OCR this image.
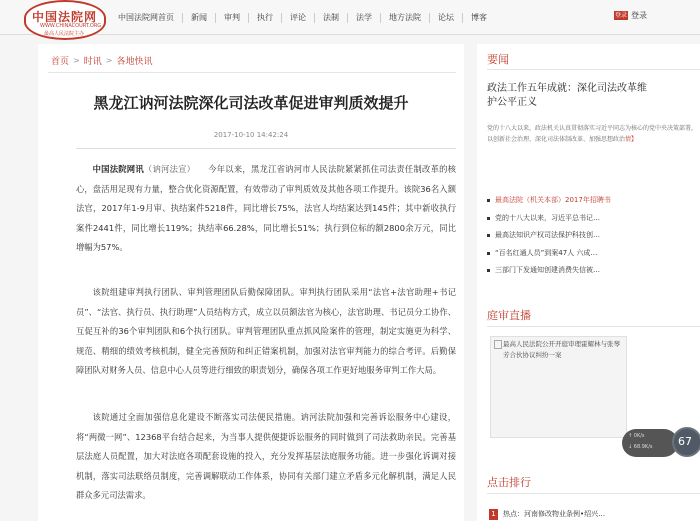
中国法院网
WWW.CHINACOURT.ORG
最高人民法院主办
中国法院网首页	新闻	审判	执行	评论	法制	法学	地方法院	论坛	博客	登录 登录
首页 > 时讯 > 各地快讯
黑龙江讷河法院深化司法改革促进审判质效提升
2017-10-10 14:42:24

中国法院网讯（讷河法宣）　　 今年以来，黑龙江省讷河市人民法院紧紧抓住司法责任制改革的核心，盘活用足现有力量，整合优化资源配置，有效带动了审判质效及其他各项工作提升。该院36名入额法官，2017年1-9月审、执结案件5218件，同比增长75%，法官人均结案达到145件；其中新收执行案件2441件，同比增长119%；执结率66.28%，同比增长51%；执行到位标的额2800余万元，同比增幅为57%。

该院组建审判执行团队、审判管理团队后勤保障团队。审判执行团队采用“法官+法官助理+书记员”、“法官、执行员、执行助理”人员结构方式，成立以员额法官为核心，法官助理、书记员分工协作、互促互补的36个审判团队和6个执行团队。审判管理团队重点抓风险案件的管理，制定实施更为科学、规范、精细的绩效考核机制，健全完善预防和纠正错案机制，加强对法官审判能力的综合考评。后勤保障团队对财务人员、信息中心人员等进行细致的职责划分，确保各项工作更好地服务审判工作大局。

该院通过全面加强信息化建设不断落实司法便民措施。讷河法院加强和完善诉讼服务中心建设，将“两微一网”、12368平台结合起来，为当事人提供便捷诉讼服务的同时做到了司法救助亲民。完善基层法庭人员配置，加大对法庭各项配套设施的投入，充分发挥基层法庭服务功能。进一步强化诉调对接机制，落实司法联络员制度，完善调解联动工作体系，协同有关部门建立矛盾多元化解机制，满足人民群众多元司法需求。

要闻
政法工作五年成就：深化司法改革维护公平正义
党的十八大以来，政法机关认真贯彻落实习近平同志为核心的党中央决策部署，以创新社会治理、深化司法体制改革、加强思想政治情】
最高法院（机关本部）2017年招聘书
党的十八大以来，习近平总书记…
最高法知识产权司法保护科技创…
“百名红通人员”到案47人 六成…
三部门下发通知创建消费失信被…
庭审直播
最高人民法院公开开庭审理霍耀林与张琴芳合伙协议纠纷一案
点击排行
1	热点：河南修改物业条例•绍兴…
↑ 0K/s
↓ 68.9K/s 67
